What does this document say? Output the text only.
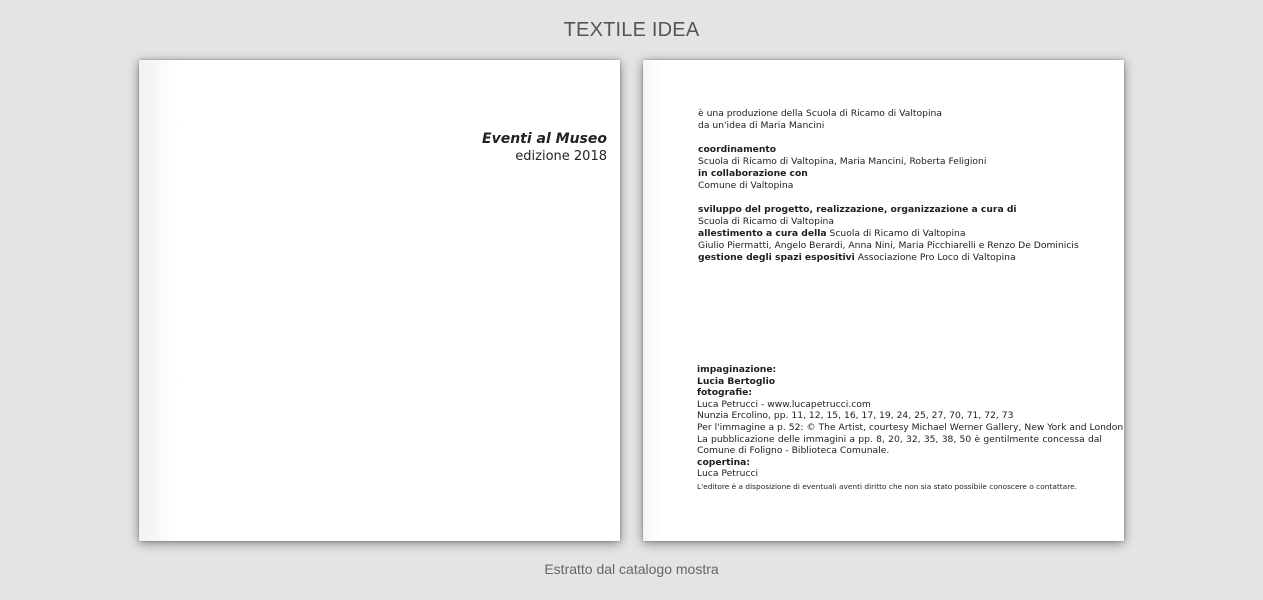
TEXTILE IDEA
Eventi al Museo
edizione 2018

è una produzione della Scuola di Ricamo di Valtopina

da un'idea di Maria Mancini

coordinamento

Scuola di Ricamo di Valtopina, Maria Mancini, Roberta Feligioni

in collaborazione con

Comune di Valtopina

sviluppo del progetto, realizzazione, organizzazione a cura di

Scuola di Ricamo di Valtopina

allestimento a cura della Scuola di Ricamo di Valtopina

Giulio Piermatti, Angelo Berardi, Anna Nini, Maria Picchiarelli e Renzo De Dominicis

gestione degli spazi espositivi Associazione Pro Loco di Valtopina

impaginazione:

Lucia Bertoglio

fotografie:

Luca Petrucci - www.lucapetrucci.com

Nunzia Ercolino, pp. 11, 12, 15, 16, 17, 19, 24, 25, 27, 70, 71, 72, 73

Per l'immagine a p. 52: © The Artist, courtesy Michael Werner Gallery, New York and London

La pubblicazione delle immagini a pp. 8, 20, 32, 35, 38, 50 è gentilmente concessa dal Comune di Foligno - Biblioteca Comunale.

copertina:

Luca Petrucci

L'editore è a disposizione di eventuali aventi diritto che non sia stato possibile conoscere o contattare.

Estratto dal catalogo mostra
